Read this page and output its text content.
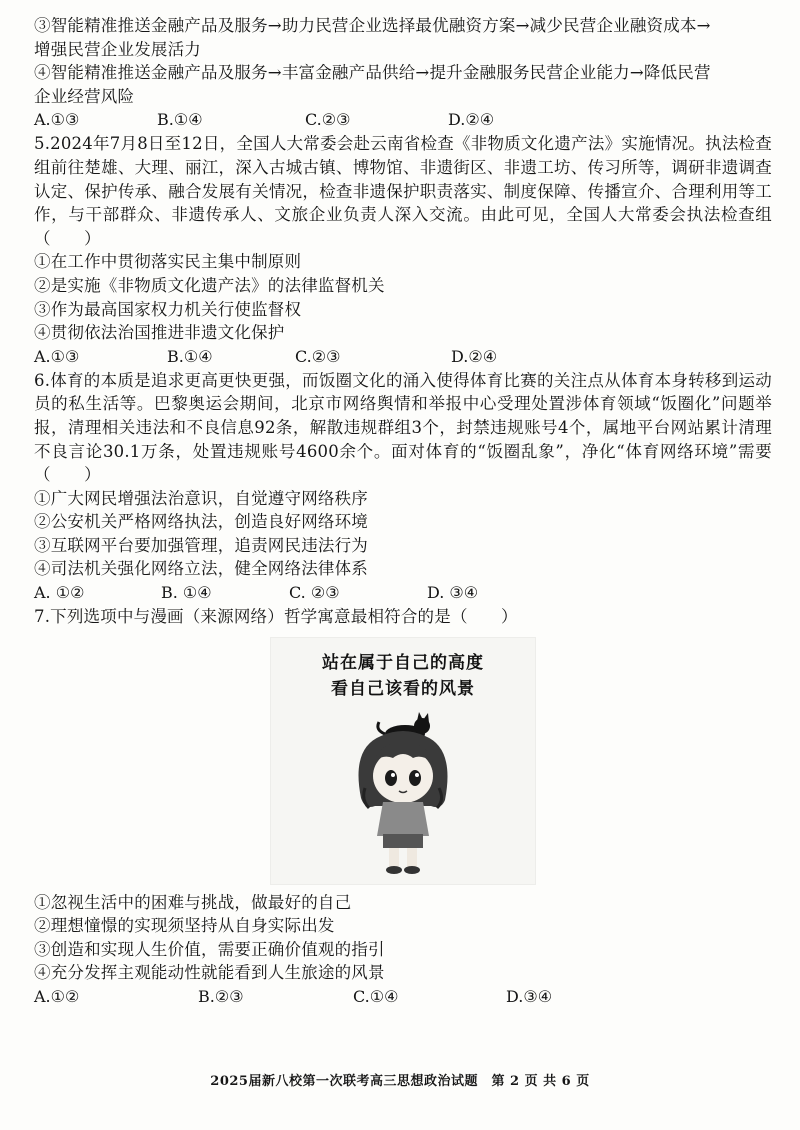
③智能精准推送金融产品及服务→助力民营企业选择最优融资方案→减少民营企业融资成本→
增强民营企业发展活力
④智能精准推送金融产品及服务→丰富金融产品供给→提升金融服务民营企业能力→降低民营
企业经营风险
A.①③	B.①④	C.②③	D.②④
5.2024年7月8日至12日，全国人大常委会赴云南省检查《非物质文化遗产法》实施情况。执法检查组前往楚雄、大理、丽江，深入古城古镇、博物馆、非遗街区、非遗工坊、传习所等，调研非遗调查认定、保护传承、融合发展有关情况，检查非遗保护职责落实、制度保障、传播宣介、合理利用等工作，与干部群众、非遗传承人、文旅企业负责人深入交流。由此可见，全国人大常委会执法检查组（　　）
①在工作中贯彻落实民主集中制原则
②是实施《非物质文化遗产法》的法律监督机关
③作为最高国家权力机关行使监督权
④贯彻依法治国推进非遗文化保护
A.①③	B.①④	C.②③	D.②④
6.体育的本质是追求更高更快更强，而饭圈文化的涌入使得体育比赛的关注点从体育本身转移到运动员的私生活等。巴黎奥运会期间，北京市网络舆情和举报中心受理处置涉体育领域“饭圈化”问题举报，清理相关违法和不良信息92条，解散违规群组3个，封禁违规账号4个，属地平台网站累计清理不良言论30.1万条，处置违规账号4600余个。面对体育的“饭圈乱象”，净化“体育网络环境”需要（　　）
①广大网民增强法治意识，自觉遵守网络秩序
②公安机关严格网络执法，创造良好网络环境
③互联网平台要加强管理，追责网民违法行为
④司法机关强化网络立法，健全网络法律体系
A. ①②	B. ①④	C. ②③	D. ③④
7.下列选项中与漫画（来源网络）哲学寓意最相符合的是（　　）
站在属于自己的高度
看自己该看的风景
①忽视生活中的困难与挑战，做最好的自己
②理想憧憬的实现须坚持从自身实际出发
③创造和实现人生价值，需要正确价值观的指引
④充分发挥主观能动性就能看到人生旅途的风景
A.①②	B.②③	C.①④	D.③④
2025届新八校第一次联考高三思想政治试题　第 2 页 共 6 页
